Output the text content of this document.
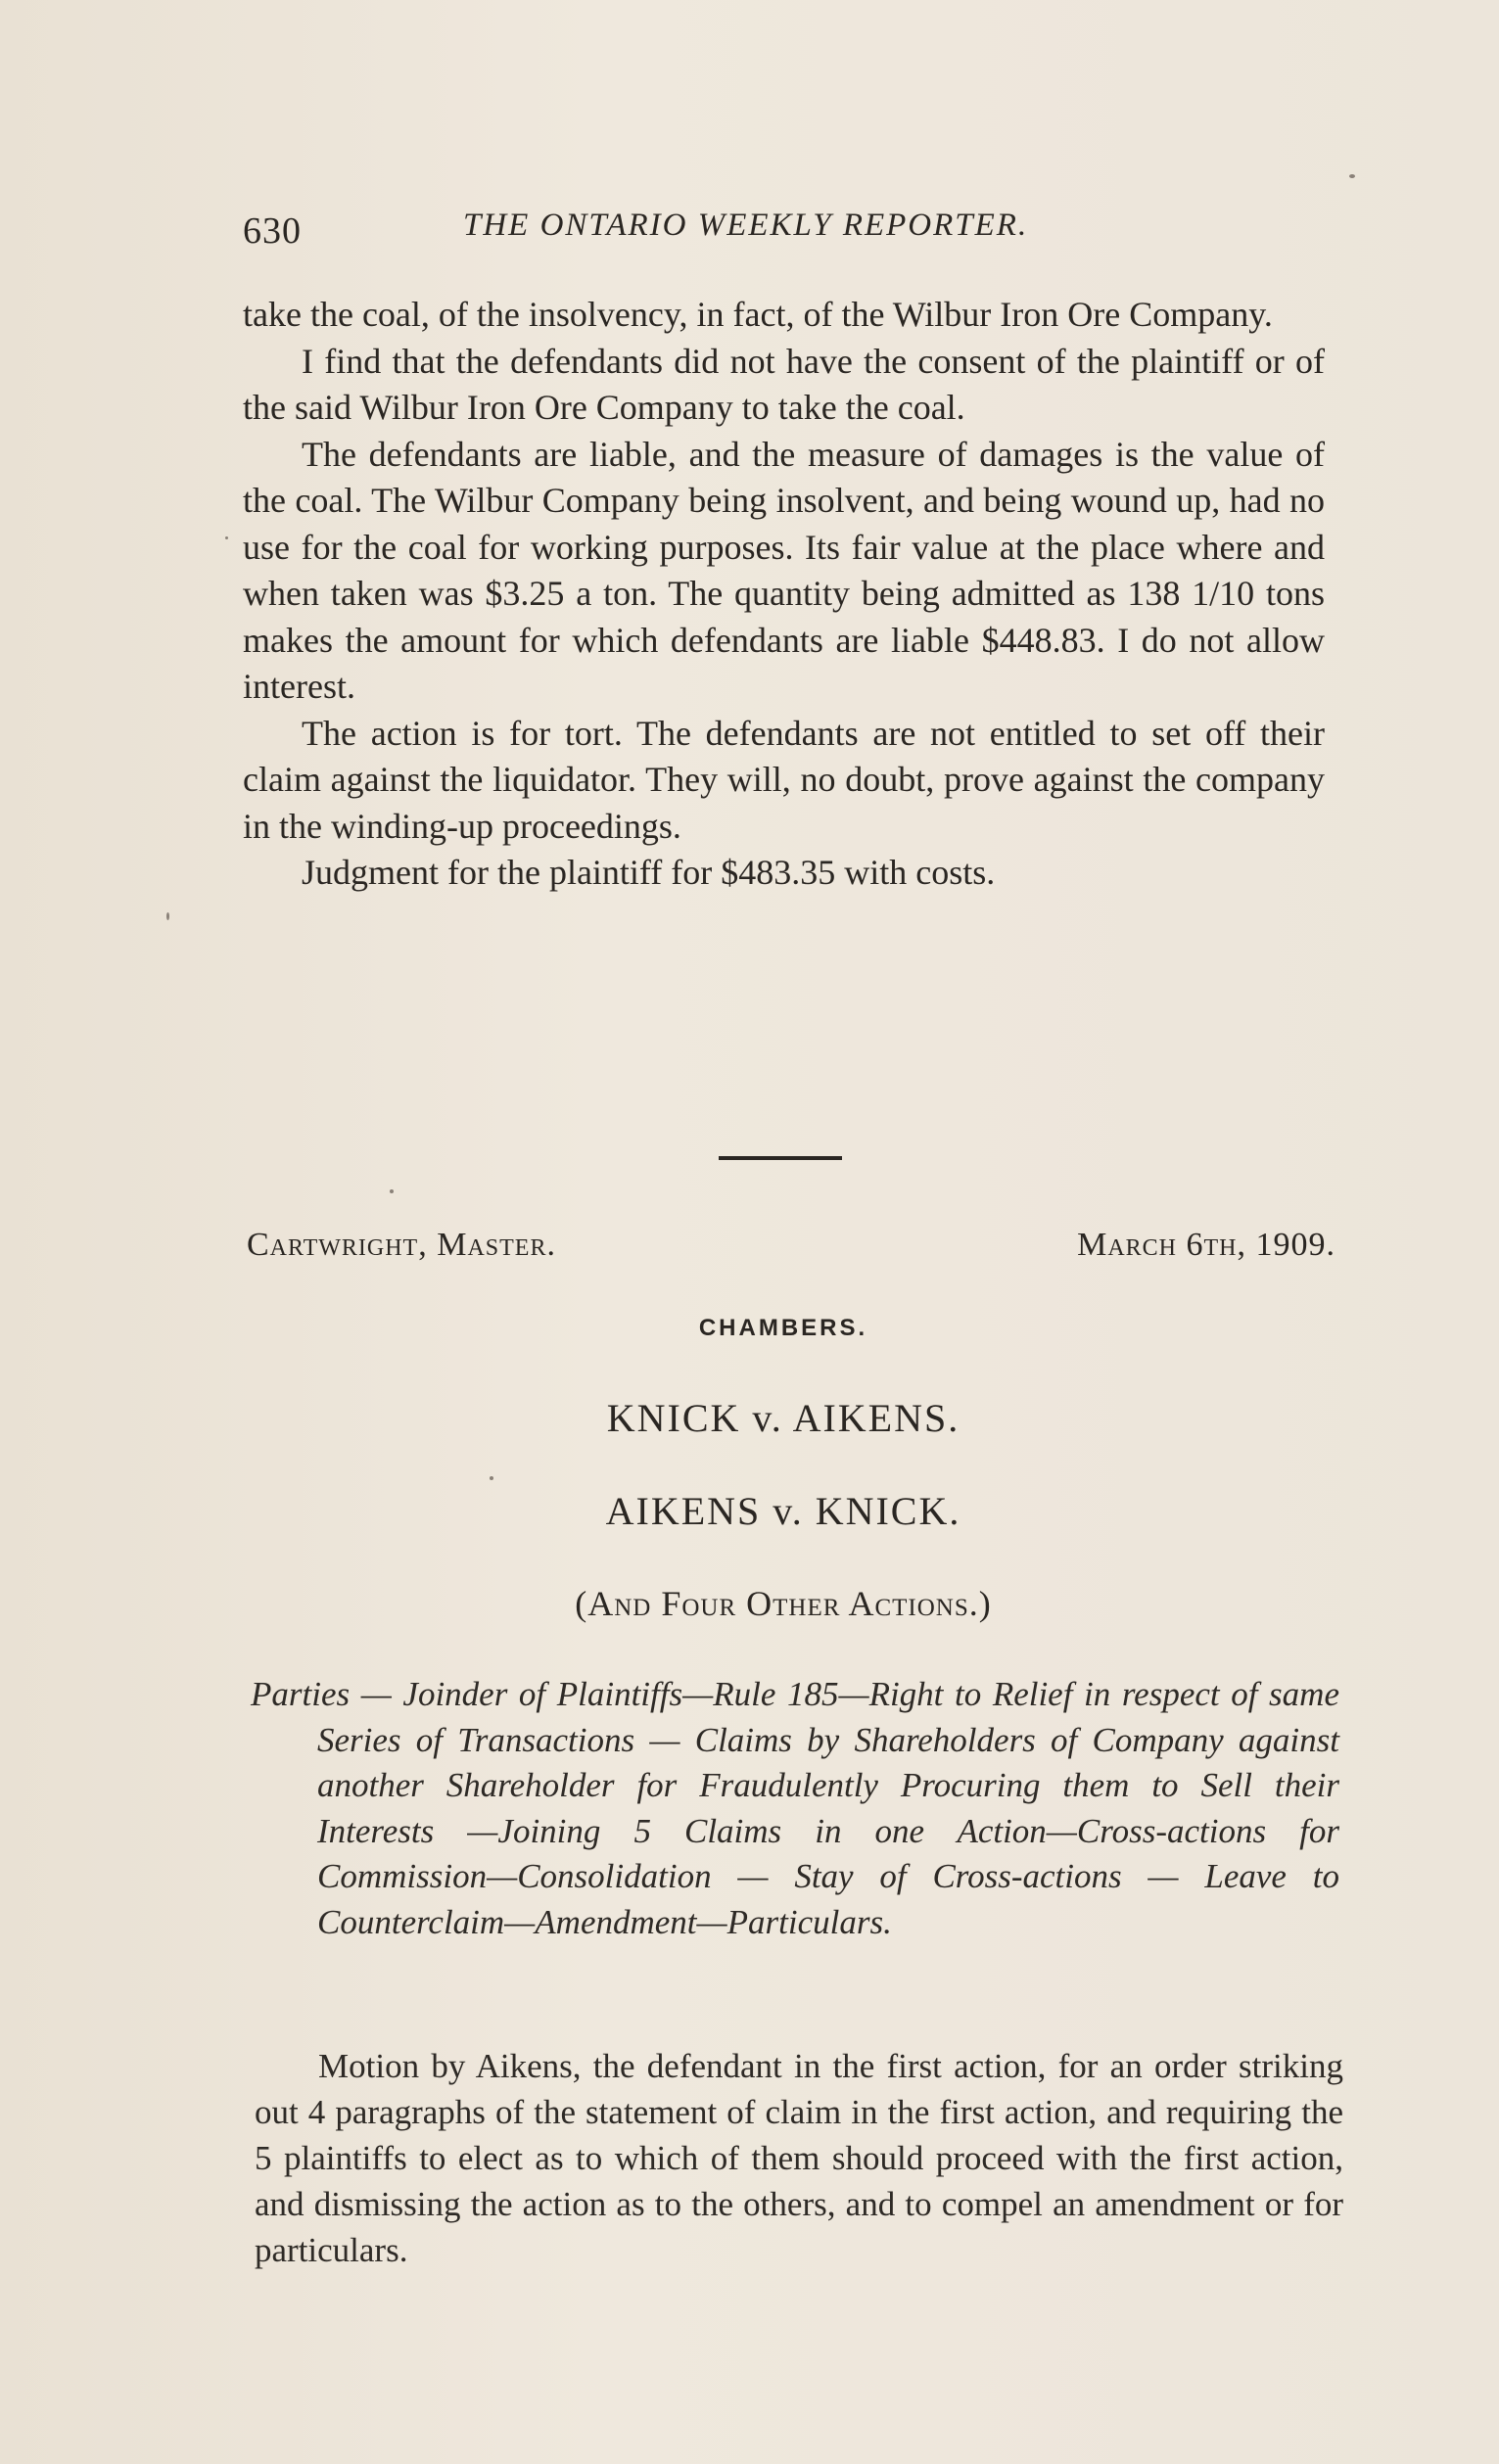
630	THE ONTARIO WEEKLY REPORTER.

take the coal, of the insolvency, in fact, of the Wilbur Iron Ore Company.

I find that the defendants did not have the consent of the plaintiff or of the said Wilbur Iron Ore Company to take the coal.

The defendants are liable, and the measure of damages is the value of the coal. The Wilbur Company being insolvent, and being wound up, had no use for the coal for working purposes. Its fair value at the place where and when taken was $3.25 a ton. The quantity being admitted as 138 1/10 tons makes the amount for which defendants are liable $448.83. I do not allow interest.

The action is for tort. The defendants are not entitled to set off their claim against the liquidator. They will, no doubt, prove against the company in the winding-up proceedings.

Judgment for the plaintiff for $483.35 with costs.

Cartwright, Master.	March 6th, 1909.
CHAMBERS.
KNICK v. AIKENS.
AIKENS v. KNICK.
(And Four Other Actions.)
Parties — Joinder of Plaintiffs—Rule 185—Right to Relief in respect of same Series of Transactions — Claims by Shareholders of Company against another Shareholder for Fraudulently Procuring them to Sell their Interests —Joining 5 Claims in one Action—Cross-actions for Commission—Consolidation — Stay of Cross-actions — Leave to Counterclaim—Amendment—Particulars.
Motion by Aikens, the defendant in the first action, for an order striking out 4 paragraphs of the statement of claim in the first action, and requiring the 5 plaintiffs to elect as to which of them should proceed with the first action, and dismissing the action as to the others, and to compel an amendment or for particulars.
